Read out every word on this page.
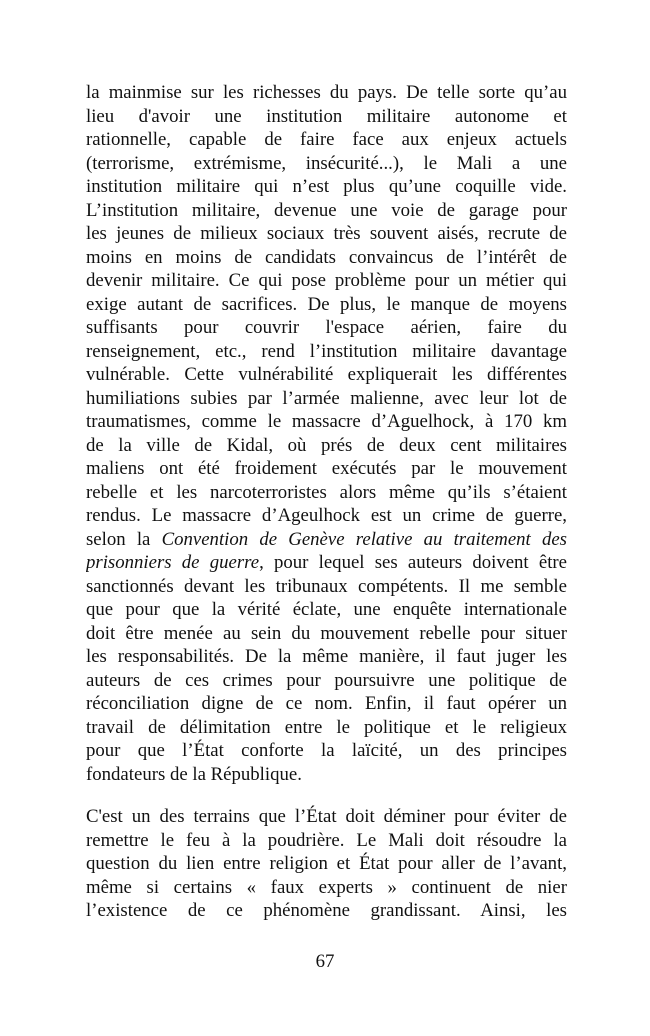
la mainmise sur les richesses du pays. De telle sorte qu’au
lieu d'avoir une institution militaire autonome et
rationnelle, capable de faire face aux enjeux actuels
(terrorisme, extrémisme, insécurité...), le Mali a une
institution militaire qui n’est plus qu’une coquille vide.
L’institution militaire, devenue une voie de garage pour
les jeunes de milieux sociaux très souvent aisés, recrute de
moins en moins de candidats convaincus de l’intérêt de
devenir militaire. Ce qui pose problème pour un métier qui
exige autant de sacrifices. De plus, le manque de moyens
suffisants pour couvrir l'espace aérien, faire du
renseignement, etc., rend l’institution militaire davantage
vulnérable. Cette vulnérabilité expliquerait les différentes
humiliations subies par l’armée malienne, avec leur lot de
traumatismes, comme le massacre d’Aguelhock, à 170 km
de la ville de Kidal, où prés de deux cent militaires
maliens ont été froidement exécutés par le mouvement
rebelle et les narcoterroristes alors même qu’ils s’étaient
rendus. Le massacre d’Ageulhock est un crime de guerre,
selon la Convention de Genève relative au traitement des
prisonniers de guerre, pour lequel ses auteurs doivent être
sanctionnés devant les tribunaux compétents. Il me semble
que pour que la vérité éclate, une enquête internationale
doit être menée au sein du mouvement rebelle pour situer
les responsabilités. De la même manière, il faut juger les
auteurs de ces crimes pour poursuivre une politique de
réconciliation digne de ce nom. Enfin, il faut opérer un
travail de délimitation entre le politique et le religieux
pour que l’État conforte la laïcité, un des principes
fondateurs de la République.
C'est un des terrains que l’État doit déminer pour éviter de
remettre le feu à la poudrière. Le Mali doit résoudre la
question du lien entre religion et État pour aller de l’avant,
même si certains « faux experts » continuent de nier
l’existence de ce phénomène grandissant. Ainsi, les
67
